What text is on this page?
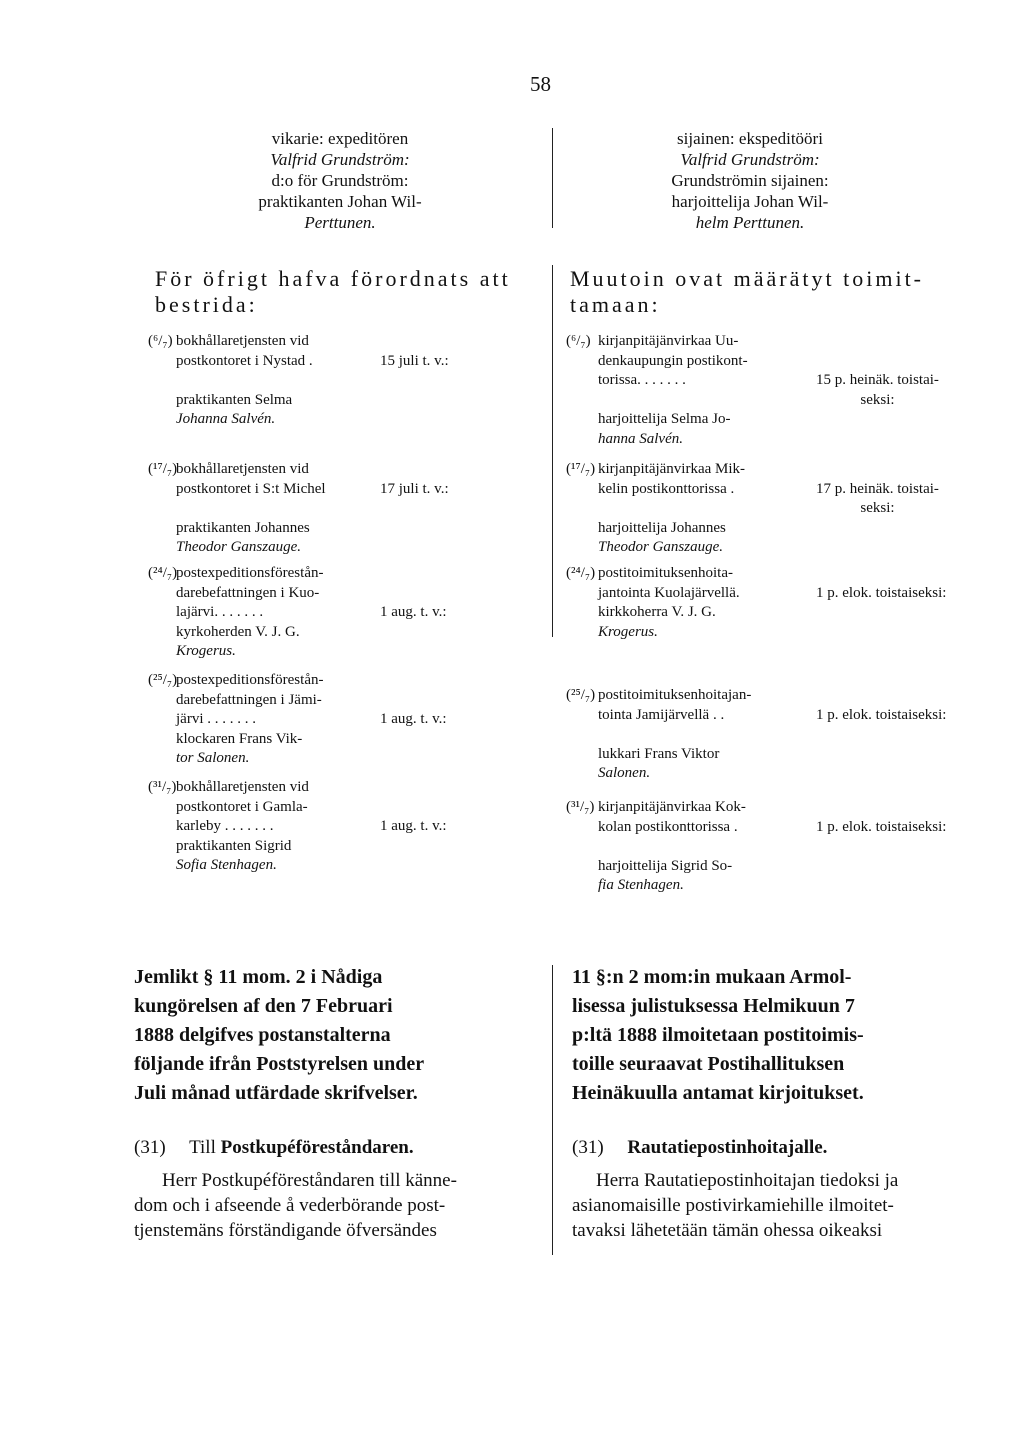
58
vikarie: expeditören
Valfrid Grundström:
d:o för Grundström:
praktikanten Johan Wil-
Perttunen.
sijainen: ekspeditööri
Valfrid Grundström:
Grundströmin sijainen:
harjoittelija Johan Wil-
helm Perttunen.
För öfrigt hafva förordnats att
bestrida:
Muutoin ovat määrätyt toimit-
tamaan:
(⁶/₇) bokhållaretjensten vid
postkontoret i Nystad .
praktikanten Selma
Johanna Salvén.
15 juli t. v.:
(¹⁷/₇)
bokhållaretjensten vid
postkontoret i S:t Michel
praktikanten Johannes
Theodor Ganszauge.
17 juli t. v.:
(²⁴/₇)
postexpeditionsförestån-
darebefattningen i Kuo-
lajärvi. . . . . . .
kyrkoherden V. J. G.
Krogerus.
1 aug. t. v.:
(²⁵/₇)
postexpeditionsförestån-
darebefattningen i Jämi-
järvi . . . . . . .
klockaren Frans Vik-
tor Salonen.
1 aug. t. v.:
(³¹/₇) bokhållaretjensten vid
postkontoret i Gamla-
karleby . . . . . . .
praktikanten Sigrid
Sofia Stenhagen.
1 aug. t. v.:
(⁶/₇) kirjanpitäjänvirkaa Uu-
denkaupungin postikont-
torissa. . . . . . .
harjoittelija Selma Jo-
hanna Salvén.
15 p. heinäk. toistai-
seksi:
(¹⁷/₇) kirjanpitäjänvirkaa Mik-
kelin postikonttorissa .
harjoittelija Johannes
Theodor Ganszauge.
17 p. heinäk. toistai-
seksi:
(²⁴/₇) postitoimituksenhoita-
jantointa Kuolajärvellä.
kirkkoherra V. J. G.
Krogerus.
1 p. elok. toistaiseksi:
(²⁵/₇) postitoimituksenhoitajan-
tointa Jamijärvellä . .
lukkari Frans Viktor
Salonen.
1 p. elok. toistaiseksi:
(³¹/₇) kirjanpitäjänvirkaa Kok-
kolan postikonttorissa .
harjoittelija Sigrid So-
fia Stenhagen.
1 p. elok. toistaiseksi:
Jemlikt § 11 mom. 2 i Nådiga
kungörelsen af den 7 Februari
1888 delgifves postanstalterna
följande ifrån Poststyrelsen under
Juli månad utfärdade skrifvelser.
11 §:n 2 mom:in mukaan Armol-
lisessa julistuksessa Helmikuun 7
p:ltä 1888 ilmoitetaan postitoimis-
toille seuraavat Postihallituksen
Heinäkuulla antamat kirjoitukset.
(31) Till Postkupéföreståndaren.	(31) Rautatiepostinhoitajalle.
Herr Postkupéföreståndaren till känne-
dom och i afseende å vederbörande post-
tjenstemäns förständigande öfversändes
Herra Rautatiepostinhoitajan tiedoksi ja
asianomaisille postivirkamiehille ilmoitet-
tavaksi lähetetään tämän ohessa oikeaksi
